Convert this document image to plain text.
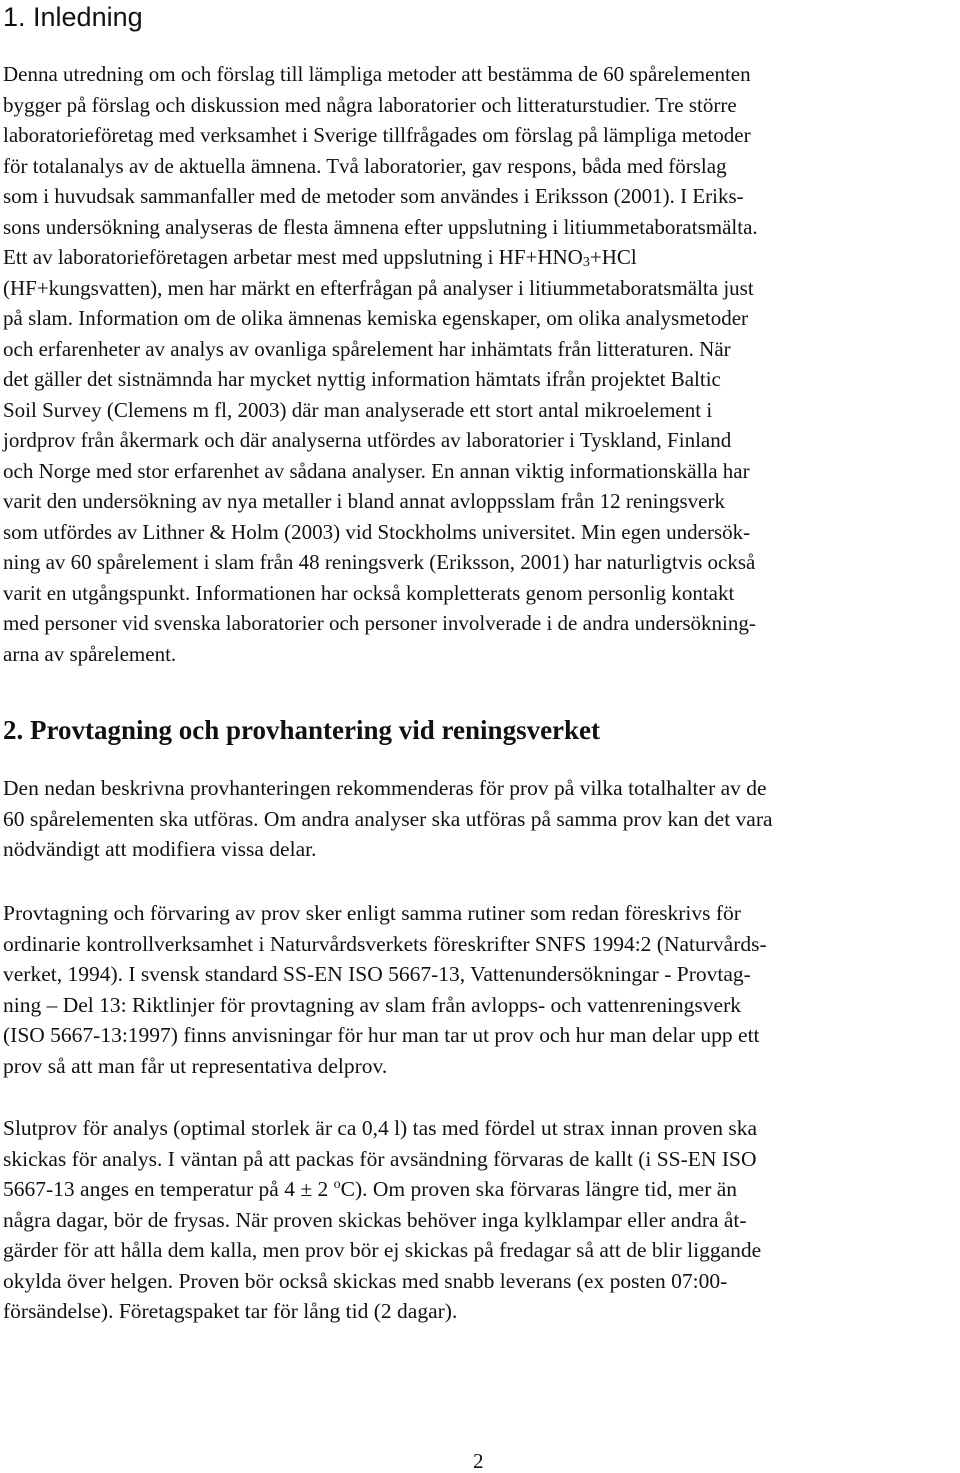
1. Inledning
Denna utredning om och förslag till lämpliga metoder att bestämma de 60 spårelementen
bygger på förslag och diskussion med några laboratorier och litteraturstudier. Tre större
laboratorieföretag med verksamhet i Sverige tillfrågades om förslag på lämpliga metoder
för totalanalys av de aktuella ämnena. Två laboratorier, gav respons, båda med förslag
som i huvudsak sammanfaller med de metoder som användes i Eriksson (2001). I Eriks-
sons undersökning analyseras de flesta ämnena efter uppslutning i litiummetaboratsmälta.
Ett av laboratorieföretagen arbetar mest med uppslutning i $HF+HNO_3+HCl$
(HF+kungsvatten), men har märkt en efterfrågan på analyser i litiummetaboratsmälta just
på slam. Information om de olika ämnenas kemiska egenskaper, om olika analysmetoder
och erfarenheter av analys av ovanliga spårelement har inhämtats från litteraturen. När
det gäller det sistnämnda har mycket nyttig information hämtats ifrån projektet Baltic
Soil Survey (Clemens m fl, 2003) där man analyserade ett stort antal mikroelement i
jordprov från åkermark och där analyserna utfördes av laboratorier i Tyskland, Finland
och Norge med stor erfarenhet av sådana analyser. En annan viktig informationskälla har
varit den undersökning av nya metaller i bland annat avloppsslam från 12 reningsverk
som utfördes av Lithner & Holm (2003) vid Stockholms universitet. Min egen undersök-
ning av 60 spårelement i slam från 48 reningsverk (Eriksson, 2001) har naturligtvis också
varit en utgångspunkt. Informationen har också kompletterats genom personlig kontakt
med personer vid svenska laboratorier och personer involverade i de andra undersökning-
arna av spårelement.
2. Provtagning och provhantering vid reningsverket
Den nedan beskrivna provhanteringen rekommenderas för prov på vilka totalhalter av de
60 spårelementen ska utföras. Om andra analyser ska utföras på samma prov kan det vara
nödvändigt att modifiera vissa delar.
Provtagning och förvaring av prov sker enligt samma rutiner som redan föreskrivs för
ordinarie kontrollverksamhet i Naturvårdsverkets föreskrifter SNFS 1994:2 (Naturvårds-
verket, 1994). I svensk standard SS-EN ISO 5667-13, Vattenundersökningar - Provtag-
ning – Del 13: Riktlinjer för provtagning av slam från avlopps- och vattenreningsverk
(ISO 5667-13:1997) finns anvisningar för hur man tar ut prov och hur man delar upp ett
prov så att man får ut representativa delprov.
Slutprov för analys (optimal storlek är ca 0,4 l) tas med fördel ut strax innan proven ska
skickas för analys. I väntan på att packas för avsändning förvaras de kallt (i SS-EN ISO
5667-13 anges en temperatur på 4 ± 2 $^o$C). Om proven ska förvaras längre tid, mer än
några dagar, bör de frysas. När proven skickas behöver inga kylklampar eller andra åt-
gärder för att hålla dem kalla, men prov bör ej skickas på fredagar så att de blir liggande
okylda över helgen. Proven bör också skickas med snabb leverans (ex posten 07:00-
försändelse). Företagspaket tar för lång tid (2 dagar).
2
